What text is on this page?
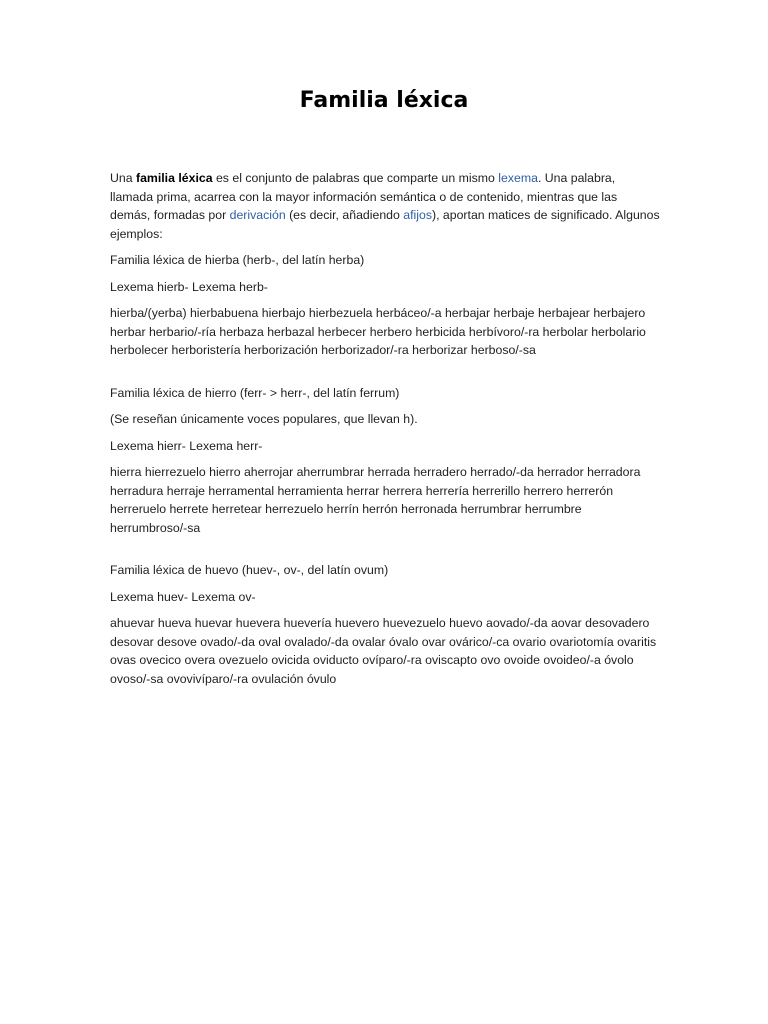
Familia léxica

Una familia léxica es el conjunto de palabras que comparte un mismo lexema. Una palabra, llamada prima, acarrea con la mayor información semántica o de contenido, mientras que las demás, formadas por derivación (es decir, añadiendo afijos), aportan matices de significado. Algunos ejemplos:

Familia léxica de hierba (herb-, del latín herba)

Lexema hierb- Lexema herb-

hierba/(yerba) hierbabuena hierbajo hierbezuela herbáceo/-a herbajar herbaje herbajear herbajero herbar herbario/-ría herbaza herbazal herbecer herbero herbicida herbívoro/-ra herbolar herbolario herbolecer herboristería herborización herborizador/-ra herborizar herboso/-sa

Familia léxica de hierro (ferr- > herr-, del latín ferrum)

(Se reseñan únicamente voces populares, que llevan h).

Lexema hierr- Lexema herr-

hierra hierrezuelo hierro aherrojar aherrumbrar herrada herradero herrado/-da herrador herradora herradura herraje herramental herramienta herrar herrera herrería herrerillo herrero herrerón herreruelo herrete herretear herrezuelo herrín herrón herronada herrumbrar herrumbre herrumbroso/-sa

Familia léxica de huevo (huev-, ov-, del latín ovum)

Lexema huev- Lexema ov-

ahuevar hueva huevar huevera huevería huevero huevezuelo huevo aovado/-da aovar desovadero desovar desove ovado/-da oval ovalado/-da ovalar óvalo ovar ovárico/-ca ovario ovariotomía ovaritis ovas ovecico overa ovezuelo ovicida oviducto ovíparo/-ra oviscapto ovo ovoide ovoideo/-a óvolo ovoso/-sa ovovivíparo/-ra ovulación óvulo
